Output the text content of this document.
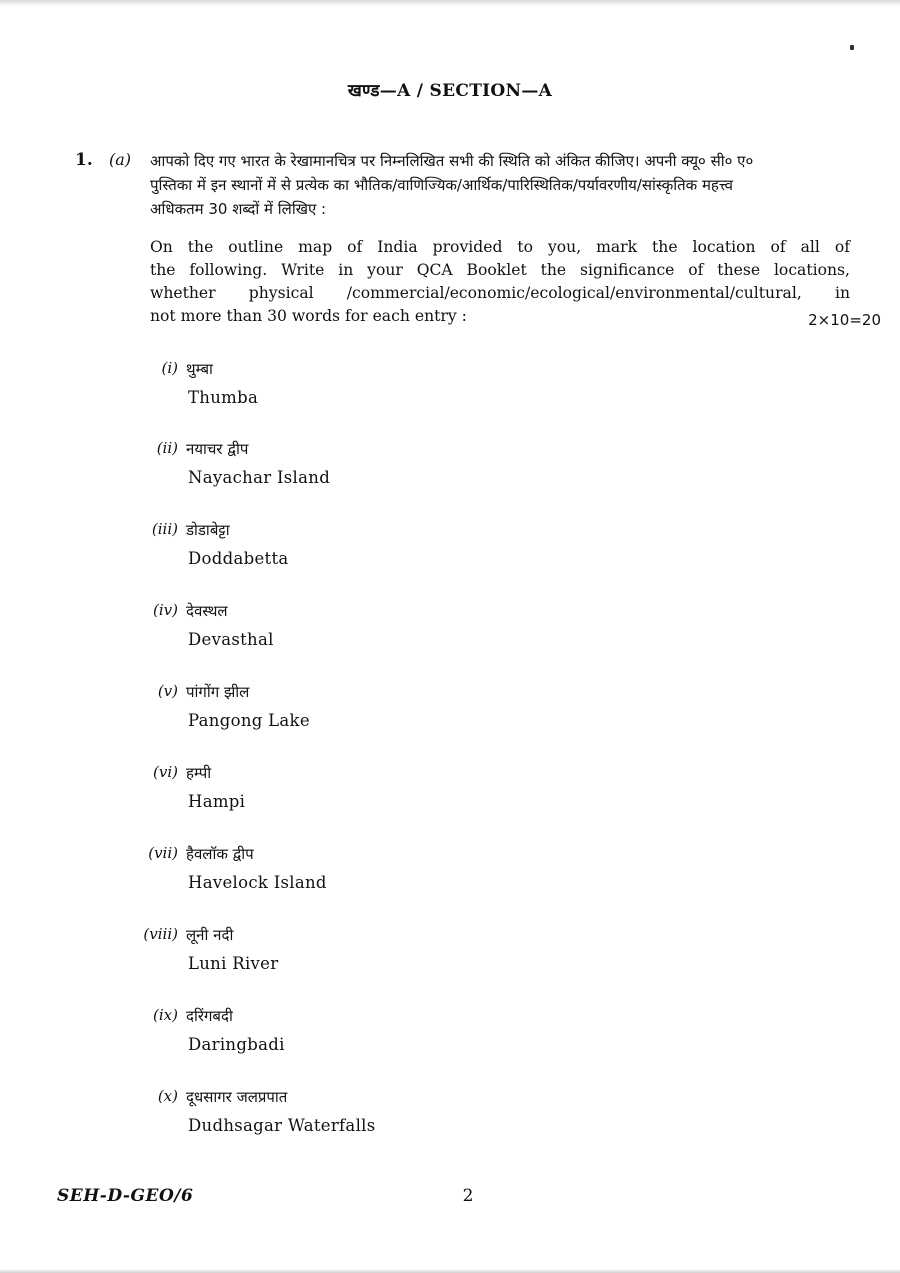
खण्ड—A / SECTION—A
1. (a) आपको दिए गए भारत के रेखामानचित्र पर निम्नलिखित सभी की स्थिति को अंकित कीजिए। अपनी क्यू० सी० ए०
पुस्तिका में इन स्थानों में से प्रत्येक का भौतिक/वाणिज्यिक/आर्थिक/पारिस्थितिक/पर्यावरणीय/सांस्कृतिक महत्त्व
अधिकतम 30 शब्दों में लिखिए :
On the outline map of India provided to you, mark the location of all of
the following. Write in your QCA Booklet the significance of these locations,
whether physical /commercial/economic/ecological/environmental/cultural, in
not more than 30 words for each entry :	2×10=20
(i) थुम्बा
Thumba
(ii) नयाचर द्वीप
Nayachar Island
(iii) डोडाबेट्टा
Doddabetta
(iv) देवस्थल
Devasthal
(v) पांगोंग झील
Pangong Lake
(vi) हम्पी
Hampi
(vii) हैवलॉक द्वीप
Havelock Island
(viii) लूनी नदी
Luni River
(ix) दरिंगबदी
Daringbadi
(x) दूधसागर जलप्रपात
Dudhsagar Waterfalls
SEH-D-GEO/6	2
